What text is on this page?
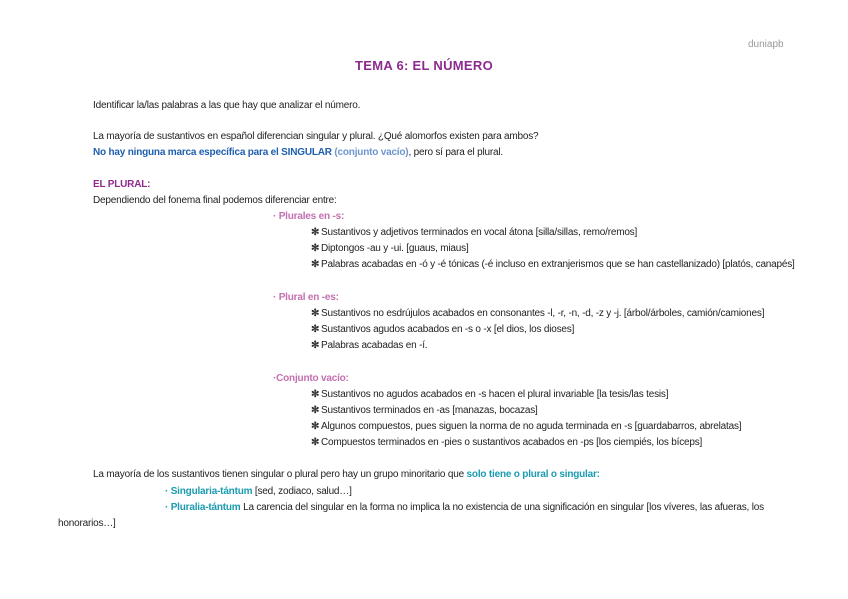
duniapb
TEMA 6: EL NÚMERO
Identificar la/las palabras a las que hay que analizar el número.
La mayoría de sustantivos en español diferencian singular y plural. ¿Qué alomorfos existen para ambos?
No hay ninguna marca específica para el SINGULAR (conjunto vacío), pero sí para el plural.
EL PLURAL:
Dependiendo del fonema final podemos diferenciar entre:
· Plurales en -s:
✻ Sustantivos y adjetivos terminados en vocal átona [silla/sillas, remo/remos]
✻ Diptongos -au y -ui. [guaus, miaus]
✻ Palabras acabadas en -ó y -é tónicas (-é incluso en extranjerismos que se han castellanizado) [platós, canapés]
· Plural en -es:
✻ Sustantivos no esdrújulos acabados en consonantes -l, -r, -n, -d, -z y -j. [árbol/árboles, camión/camiones]
✻ Sustantivos agudos acabados en -s o -x [el dios, los dioses]
✻ Palabras acabadas en -í.
·Conjunto vacío:
✻ Sustantivos no agudos acabados en -s hacen el plural invariable [la tesis/las tesis]
✻ Sustantivos terminados en -as [manazas, bocazas]
✻ Algunos compuestos, pues siguen la norma de no aguda terminada en -s [guardabarros, abrelatas]
✻ Compuestos terminados en -pies o sustantivos acabados en -ps [los ciempiés, los bíceps]
La mayoría de los sustantivos tienen singular o plural pero hay un grupo minoritario que solo tiene o plural o singular:
· Singularia-tántum [sed, zodiaco, salud…]
· Pluralia-tántum La carencia del singular en la forma no implica la no existencia de una significación en singular [los víveres, las afueras, los
honorarios…]
